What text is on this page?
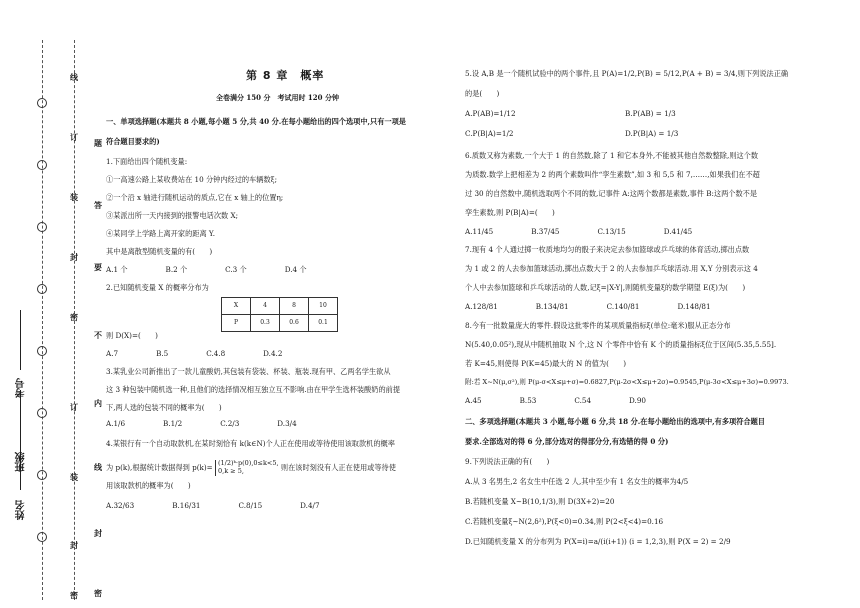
线
订
装
封
密
订
装
封
密
题
答
要
不
内
线
封
密
姓名
班级
考号
第 8 章　概率
全卷满分 150 分　考试用时 120 分钟
一、单项选择题(本题共 8 小题,每小题 5 分,共 40 分.在每小题给出的四个选项中,只有一项是
符合题目要求的)
1.下面给出四个随机变量:
①一高速公路上某收费站在 10 分钟内经过的车辆数ξ;
②一个沿 x 轴进行随机运动的质点,它在 x 轴上的位置η;
③某派出所一天内接到的报警电话次数 X;
④某同学上学路上离开家的距离 Y.
其中是离散型随机变量的有(　　)
A.1 个	B.2 个	C.3 个	D.4 个
2.已知随机变量 X 的概率分布为
X	4	8	10
P	0.3	0.6	0.1
则 D(X)=(　　)
A.7	B.5	C.4.8	D.4.2
3.某乳业公司新推出了一款儿童酸奶,其包装有袋装、杯装、瓶装.现有甲、乙两名学生欲从
这 3 种包装中随机选一种,且他们的选择情况相互独立互不影响.由在甲学生选杯装酸奶的前提
下,两人选的包装不同的概率为(　　)
A.1/6	B.1/2	C.2/3	D.3/4
4.某银行有一个自动取款机,在某时刻恰有 k(k∈N)个人正在使用或等待使用该取款机的概率
为 p(k),根据统计数据得到 p(k)= (1/2)ᵏ·p(0),0≤k<5,
0,k ≥ 5,	则在该时刻没有人正在使用或等待使
用该取款机的概率为(　　)
A.32/63	B.16/31	C.8/15	D.4/7
5.设 A,B 是一个随机试验中的两个事件,且 P(A)=1/2,P(B) = 5/12,P(A + B) = 3/4,则下列说法正确
的是(　　)
A.P(AB)=1/12	B.P(AB) = 1/3
C.P(B|A)=1/2	D.P(B|A) = 1/3
6.质数又称为素数,一个大于 1 的自然数,除了 1 和它本身外,不能被其他自然数整除,则这个数
为质数.数学上把相差为 2 的两个素数叫作“孪生素数”,如 3 和 5,5 和 7,……,如果我们在不超
过 30 的自然数中,随机选取两个不同的数,记事件 A:这两个数都是素数,事件 B:这两个数不是
孪生素数,则 P(B|A)=(　　)
A.11/45	B.37/45	C.13/15	D.41/45
7.现有 4 个人通过掷一枚质地均匀的骰子来决定去参加篮球或乒乓球的体育活动,掷出点数
为 1 或 2 的人去参加篮球活动,掷出点数大于 2 的人去参加乒乓球活动.用 X,Y 分别表示这 4
个人中去参加篮球和乒乓球活动的人数,记ξ=|X-Y|,则随机变量ξ的数学期望 E(ξ)为(　　)
A.128/81	B.134/81	C.140/81	D.148/81
8.今有一批数量庞大的零件.假设这批零件的某项质量指标ξ(单位:毫米)服从正态分布
N(5.40,0.05²),现从中随机抽取 N 个,这 N 个零件中恰有 K 个的质量指标ξ位于区间(5.35,5.55].
若 K=45,则使得 P(K=45)最大的 N 的值为(　　)
附:若 X~N(μ,σ²),则 P(μ-σ<X≤μ+σ)=0.6827,P(μ-2σ<X≤μ+2σ)=0.9545,P(μ-3σ<X≤μ+3σ)=0.9973.
A.45	B.53	C.54	D.90
二、多项选择题(本题共 3 小题,每小题 6 分,共 18 分.在每小题给出的选项中,有多项符合题目
要求.全部选对的得 6 分,部分选对的得部分分,有选错的得 0 分)
9.下列说法正确的有(　　)
A.从 3 名男生,2 名女生中任选 2 人,其中至少有 1 名女生的概率为4/5
B.若随机变量 X~B(10,1/3),则 D(3X+2)=20
C.若随机变量ξ~N(2,δ²),P(ξ<0)=0.34,则 P(2<ξ<4)=0.16
D.已知随机变量 X 的分布列为 P(X=i)=a/(i(i+1)) (i = 1,2,3),则 P(X = 2) = 2/9
